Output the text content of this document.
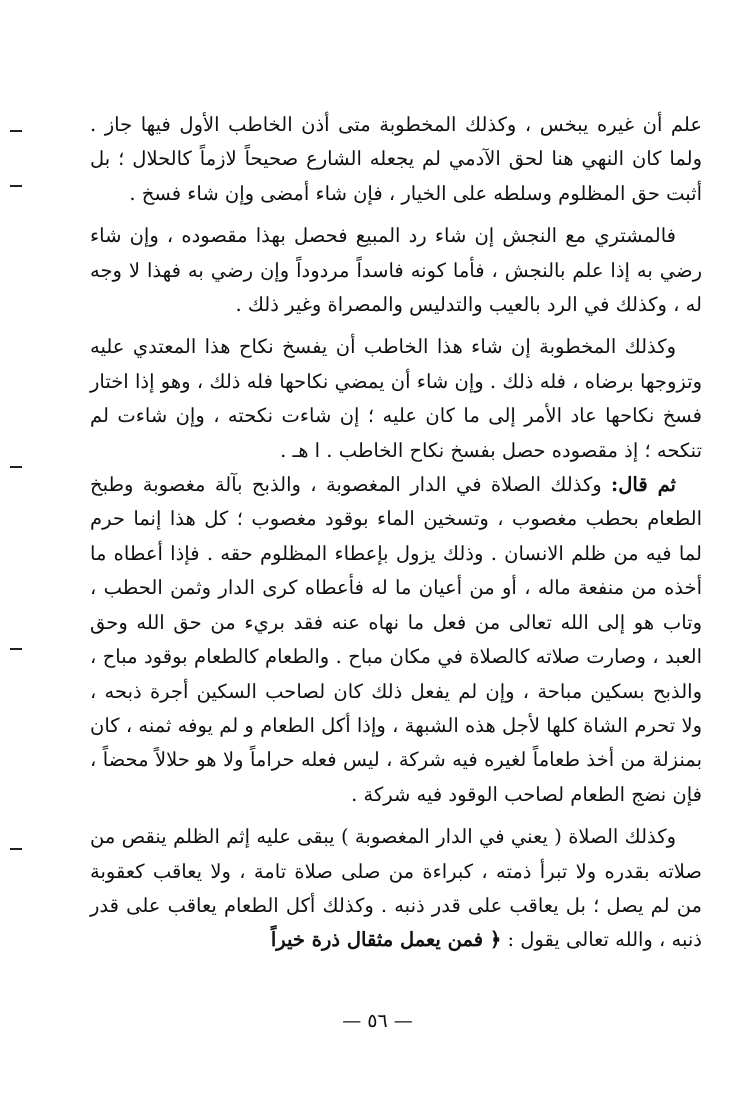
علم أن غيره يبخس ، وكذلك المخطوبة متى أذن الخاطب الأول فيها جاز . ولما كان النهي هنا لحق الآدمي لم يجعله الشارع صحيحاً لازماً كالحلال ؛ بل أثبت حق المظلوم وسلطه على الخيار ، فإن شاء أمضى وإن شاء فسخ .

فالمشتري مع النجش إن شاء رد المبيع فحصل بهذا مقصوده ، وإن شاء رضي به إذا علم بالنجش ، فأما كونه فاسداً مردوداً وإن رضي به فهذا لا وجه له ، وكذلك في الرد بالعيب والتدليس والمصراة وغير ذلك .

وكذلك المخطوبة إن شاء هذا الخاطب أن يفسخ نكاح هذا المعتدي عليه وتزوجها برضاه ، فله ذلك . وإن شاء أن يمضي نكاحها فله ذلك ، وهو إذا اختار فسخ نكاحها عاد الأمر إلى ما كان عليه ؛ إن شاءت نكحته ، وإن شاءت لم تنكحه ؛ إذ مقصوده حصل بفسخ نكاح الخاطب . ا هـ .

ثم قال: وكذلك الصلاة في الدار المغصوبة ، والذبح بآلة مغصوبة وطبخ الطعام بحطب مغصوب ، وتسخين الماء بوقود مغصوب ؛ كل هذا إنما حرم لما فيه من ظلم الانسان . وذلك يزول بإعطاء المظلوم حقه . فإذا أعطاه ما أخذه من منفعة ماله ، أو من أعيان ما له فأعطاه كرى الدار وثمن الحطب ، وتاب هو إلى الله تعالى من فعل ما نهاه عنه فقد بريء من حق الله وحق العبد ، وصارت صلاته كالصلاة في مكان مباح . والطعام كالطعام بوقود مباح ، والذبح بسكين مباحة ، وإن لم يفعل ذلك كان لصاحب السكين أجرة ذبحه ، ولا تحرم الشاة كلها لأجل هذه الشبهة ، وإذا أكل الطعام و لم يوفه ثمنه ، كان بمنزلة من أخذ طعاماً لغيره فيه شركة ، ليس فعله حراماً ولا هو حلالاً محضاً ، فإن نضج الطعام لصاحب الوقود فيه شركة .

وكذلك الصلاة ( يعني في الدار المغصوبة ) يبقى عليه إثم الظلم ينقص من صلاته بقدره ولا تبرأ ذمته ، كبراءة من صلى صلاة تامة ، ولا يعاقب كعقوبة من لم يصل ؛ بل يعاقب على قدر ذنبه . وكذلك أكل الطعام يعاقب على قدر ذنبه ، والله تعالى يقول : ﴿ فمن يعمل مثقال ذرة خيراً

— ٥٦ —
